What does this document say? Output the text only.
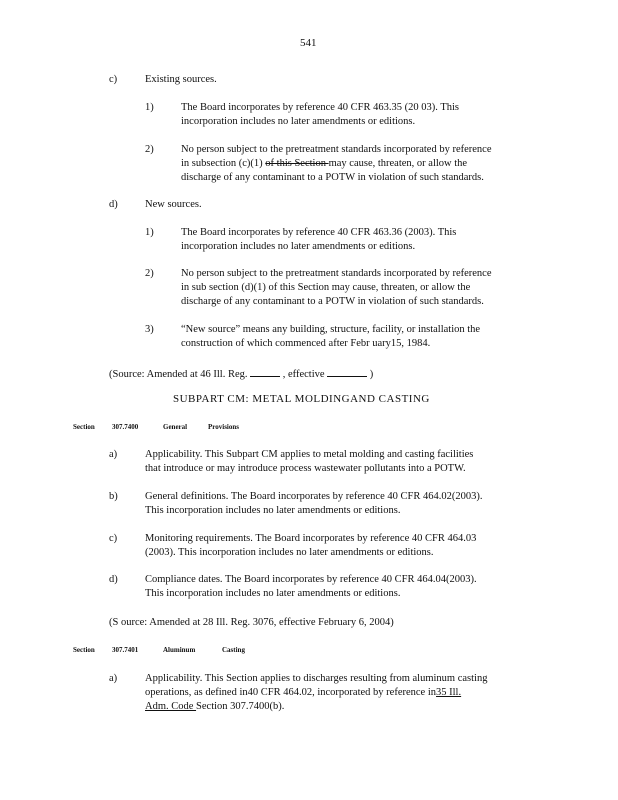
541
c)	Existing sources.
1)	The Board incorporates by reference 40 CFR 463.35 (20 03). This
incorporation includes no later amendments or editions.
2)	No person subject to the pretreatment standards incorporated by reference
in subsection (c)(1) of this Section may cause, threaten, or allow the
discharge of any contaminant to a POTW in violation of such standards.
d)	New sources.
1)	The Board incorporates by reference 40 CFR 463.36 (2003). This
incorporation includes no later amendments or editions.
2)	No person subject to the pretreatment standards incorporated by reference
in sub section (d)(1) of this Section may cause, threaten, or allow the
discharge of any contaminant to a POTW in violation of such standards.
3)	“New source” means any building, structure, facility, or installation the
construction of which commenced after Febr uary15, 1984.
(Source: Amended at 46 Ill. Reg.	, effective	)
SUBPART CM: METAL MOLDINGAND CASTING
Section 307.7400	General	Provisions
a)	Applicability. This Subpart CM applies to metal molding and casting facilities
that introduce or may introduce process wastewater pollutants into a POTW.
b)	General definitions. The Board incorporates by reference 40 CFR 464.02(2003).
This incorporation includes no later amendments or editions.
c)	Monitoring requirements. The Board incorporates by reference 40 CFR 464.03
(2003). This incorporation includes no later amendments or editions.
d)	Compliance dates. The Board incorporates by reference 40 CFR 464.04(2003).
This incorporation includes no later amendments or editions.
(S ource: Amended at 28 Ill. Reg. 3076, effective February 6, 2004)
Section 307.7401	Aluminum	Casting
a)	Applicability. This Section applies to discharges resulting from aluminum casting
operations, as defined in40 CFR 464.02, incorporated by reference in35 Ill.
Adm. Code Section 307.7400(b).
